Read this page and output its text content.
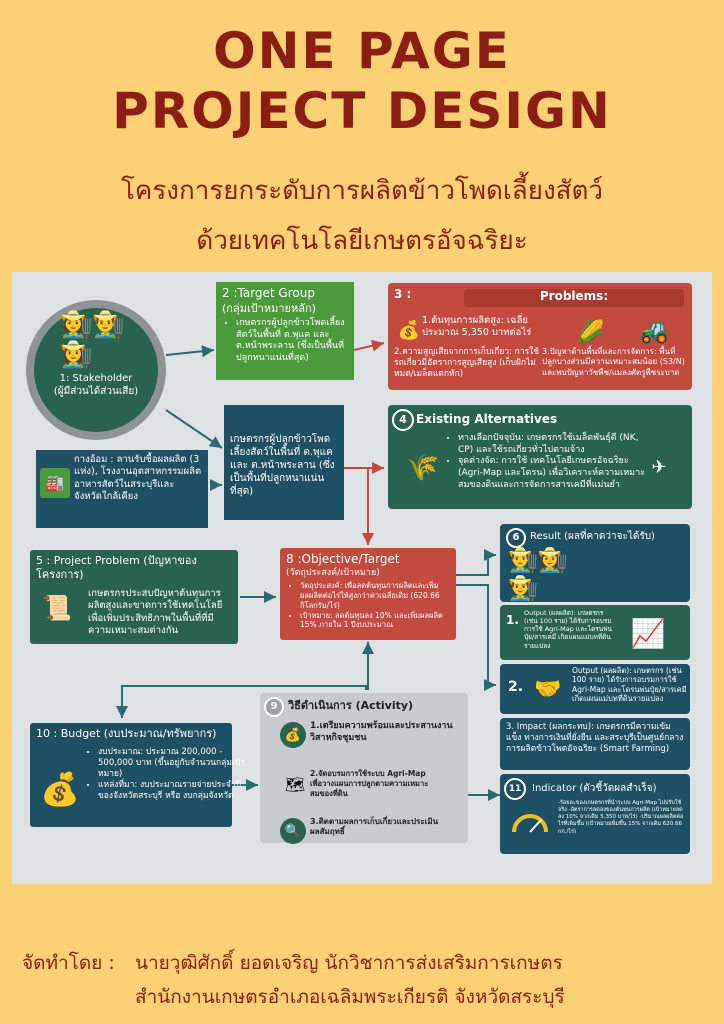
ONE PAGE
PROJECT DESIGN
โครงการยกระดับการผลิตข้าวโพดเลี้ยงสัตว์
ด้วยเทคโนโลยีเกษตรอัจฉริยะ
👩‍🌾👨‍🌾👩‍🌾
1: Stakeholder
(ผู้มีส่วนได้ส่วนเสีย)
2 :Target Group
(กลุ่มเป้าหมายหลัก)
• เกษตรกรผู้ปลูกข้าวโพดเลี้ยงสัตว์ในพื้นที่ ต.พุแค และ ต.หน้าพระลาน (ซึ่งเป็นพื้นที่ปลูกหนาแน่นที่สุด)
เกษตรกรผู้ปลูกข้าวโพดเลี้ยงสัตว์ในพื้นที่ ต.พุแค และ ต.หน้าพระลาน (ซึ่งเป็นพื้นที่ปลูกหนาแน่นที่สุด)
กางอ้อม : ลานรับซื้อผลผลิต (3 แห่ง), โรงงานอุตสาหกรรมผลิตอาหารสัตว์ในสระบุรีและจังหวัดใกล้เคียง
🏭
3 :	Problems:
1.ต้นทุนการผลิตสูง: เฉลี่ยประมาณ 5,350 บาทต่อไร่
2.ความสูญเสียจากการเก็บเกี่ยว: การใช้รถเกี่ยวมีอัตราการสูญเสียสูง (เก็บฝักไม่หมด/เมล็ดแตกหัก)
3.ปัญหาด้านพื้นที่และการจัดการ: พื้นที่ปลูกบางส่วนมีความเหมาะสมน้อย (S3/N) และพบปัญหาวัชพืช/แมลงศัตรูพืชระบาด
💰	🌽 🚜
4 Existing Alternatives
• ทางเลือกปัจจุบัน: เกษตรกรใช้เมล็ดพันธุ์ดี (NK, CP) และใช้รถเกี่ยวทั่วไปตามจ้าง
• จุดต่างจัด: การใช้ เทคโนโลยีเกษตรอัจฉริยะ (Agri-Map และโดรน) เพื่อวิเคราะห์ความเหมาะสมของดินและการจัดการสารเคมีที่แม่นยำ
🌾	✈
5 : Project Problem (ปัญหาของโครงการ)
เกษตรกรประสบปัญหาต้นทุนการผลิตสูงและขาดการใช้เทคโนโลยีเพื่อเพิ่มประสิทธิภาพในพื้นที่ที่มีความเหมาะสมต่างกัน
📜
8 :Objective/Target
(วัตถุประสงค์/เป้าหมาย)
• วัตถุประสงค์: เพื่อลดต้นทุนการผลิตและเพิ่มผลผลิตต่อไร่ให้สูงกว่าค่าเฉลี่ยเดิม (620.66 กิโลกรัม/ไร่)
• เป้าหมาย: ลดต้นทุนลง 10% และเพิ่มผลผลิต 15% ภายใน 1 ปีงบประมาณ
6	Result (ผลที่คาดว่าจะได้รับ)
👨‍🌾👩‍🌾👨‍🌾
1. Output (ผลผลิต): เกษตรกร (เช่น 100 ราย) ได้รับการอบรมการใช้ Agri-Map และโดรนพ่นปุ๋ย/สารเคมี เกิดแผนแม่บทที่ดินรายแปลง	📈
2.
Output (ผลผลิต): เกษตรกร (เช่น 100 ราย) ได้รับการอบรมการใช้ Agri-Map และโดรนพ่นปุ๋ย/สารเคมี เกิดแผนแม่บทที่ดินรายแปลง
🤝
3. Impact (ผลกระทบ): เกษตรกรมีความเข้มแข็ง ทางการเงินที่ยั่งยืน และสระบุรีเป็นศูนย์กลางการผลิตข้าวโพดอัจฉริยะ (Smart Farming)
10 : Budget (งบประมาณ/ทรัพยากร)
• งบประมาณ: ประมาณ 200,000 - 500,000 บาท (ขึ้นอยู่กับจำนวนกลุ่มเป้าหมาย)
• แหล่งที่มา: งบประมาณรายจ่ายประจำปีของจังหวัดสระบุรี หรือ งบกลุ่มจังหวัด
💰
9 วิธีดำเนินการ (Activity)
1.เตรียมความพร้อมและประสานงานวิสาหกิจชุมชน
2.จัดอบรมการใช้ระบบ Agri-Map เพื่อวางแผนการปลูกตามความเหมาะสมของที่ดิน
3.ติดตามผลการเก็บเกี่ยวและประเมินผลสัมฤทธิ์
💰
🗺
🔍
11	Indicator (ตัวชี้วัดผลสำเร็จ)
-ร้อยละของเกษตรกรที่นำระบบ Agri-Map ไปปรับใช้จริง -อัตราการลดลงของต้นทุนการผลิต (เป้าหมายลดลง 10% จากเดิม 5,350 บาท/ไร่) -ปริมาณผลผลิตต่อไร่ที่เพิ่มขึ้น (เป้าหมายเพิ่มขึ้น 15% จากเดิม 620.66 กก./ไร่)
จัดทำโดย : นายวุฒิศักดิ์ ยอดเจริญ นักวิชาการส่งเสริมการเกษตร
สำนักงานเกษตรอำเภอเฉลิมพระเกียรติ จังหวัดสระบุรี
